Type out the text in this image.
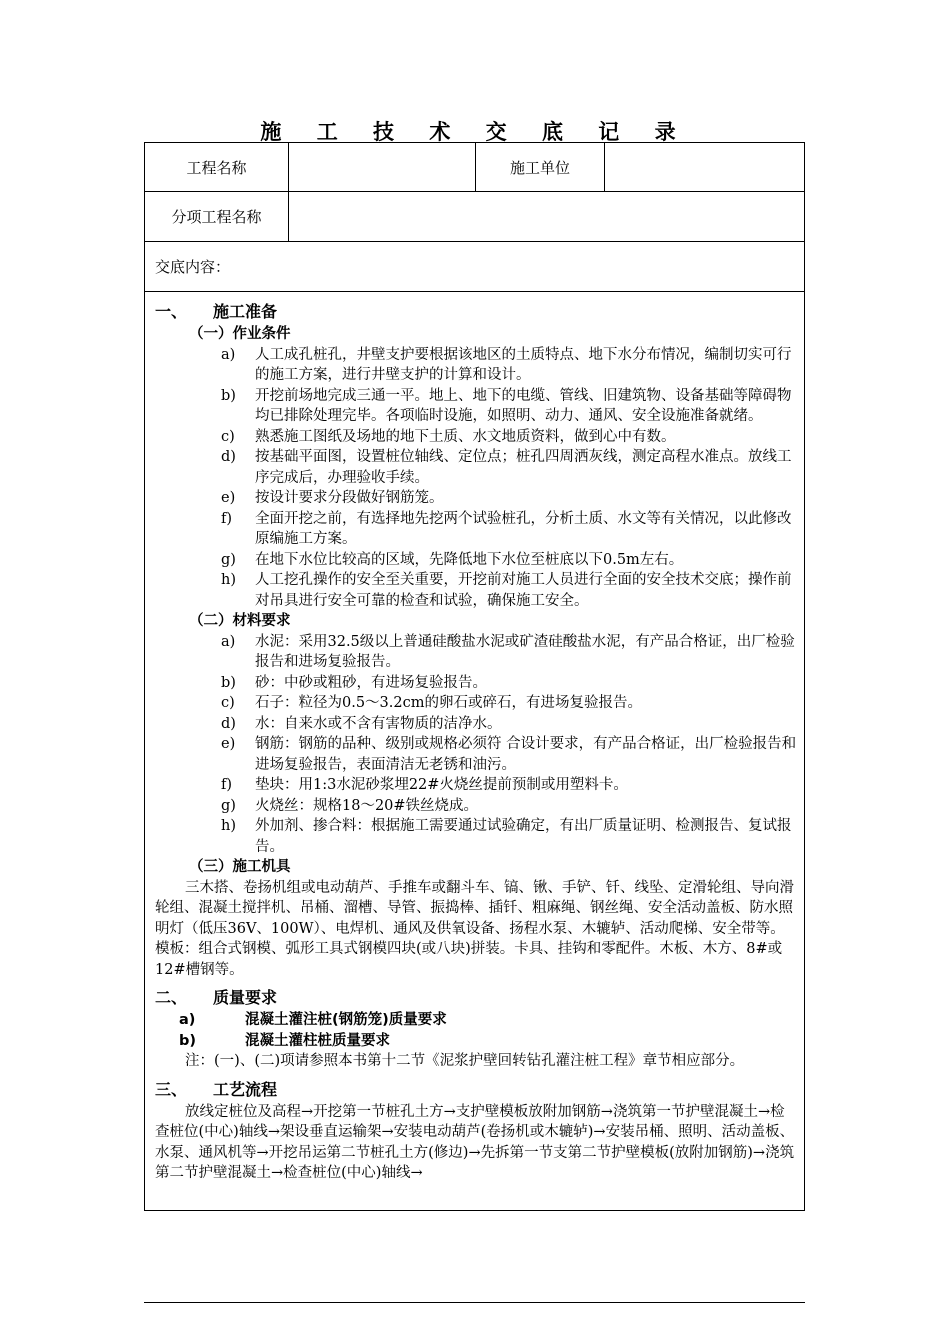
施 工 技 术 交 底 记 录
工程名称		施工单位	
分项工程名称			
交底内容：			
一、 施工准备
（一）作业条件
a) 人工成孔桩孔，井壁支护要根据该地区的土质特点、地下水分布情况，编制切实可行的施工方案，进行井壁支护的计算和设计。
b) 开挖前场地完成三通一平。地上、地下的电缆、管线、旧建筑物、设备基础等障碍物均已排除处理完毕。各项临时设施，如照明、动力、通风、安全设施准备就绪。
c) 熟悉施工图纸及场地的地下土质、水文地质资料，做到心中有数。
d) 按基础平面图，设置桩位轴线、定位点；桩孔四周洒灰线，测定高程水准点。放线工序完成后，办理验收手续。
e) 按设计要求分段做好钢筋笼。
f) 全面开挖之前，有选择地先挖两个试验桩孔，分析土质、水文等有关情况，以此修改原编施工方案。
g) 在地下水位比较高的区域，先降低地下水位至桩底以下0.5m左右。
h) 人工挖孔操作的安全至关重要，开挖前对施工人员进行全面的安全技术交底；操作前对吊具进行安全可靠的检查和试验，确保施工安全。
（二）材料要求
a) 水泥：采用32.5级以上普通硅酸盐水泥或矿渣硅酸盐水泥，有产品合格证，出厂检验报告和进场复验报告。
b) 砂：中砂或粗砂，有进场复验报告。
c) 石子：粒径为0.5～3.2cm的卵石或碎石，有进场复验报告。
d) 水：自来水或不含有害物质的洁净水。
e) 钢筋：钢筋的品种、级别或规格必须符 合设计要求，有产品合格证，出厂检验报告和进场复验报告，表面清洁无老锈和油污。
f) 垫块：用1:3水泥砂浆埋22#火烧丝提前预制或用塑料卡。
g) 火烧丝：规格18～20#铁丝烧成。
h) 外加剂、掺合料：根据施工需要通过试验确定，有出厂质量证明、检测报告、复试报告。
（三）施工机具
三木搭、卷扬机组或电动葫芦、手推车或翻斗车、镐、锹、手铲、钎、线坠、定滑轮组、导向滑轮组、混凝土搅拌机、吊桶、溜槽、导管、振捣棒、插钎、粗麻绳、钢丝绳、安全活动盖板、防水照明灯（低压36V、100W）、电焊机、通风及供氧设备、扬程水泵、木辘轳、活动爬梯、安全带等。模板：组合式钢模、弧形工具式钢模四块(或八块)拼装。卡具、挂钩和零配件。木板、木方、8#或12#槽钢等。
二、 质量要求
a)	混凝土灌注桩(钢筋笼)质量要求
b)	混凝土灌柱桩质量要求
注：(一)、(二)项请参照本书第十二节《泥浆护壁回转钻孔灌注桩工程》章节相应部分。
三、 工艺流程
放线定桩位及高程→开挖第一节桩孔土方→支护壁模板放附加钢筋→浇筑第一节护壁混凝土→检查桩位(中心)轴线→架设垂直运输架→安装电动葫芦(卷扬机或木辘轳)→安装吊桶、照明、活动盖板、水泵、通风机等→开挖吊运第二节桩孔土方(修边)→先拆第一节支第二节护壁模板(放附加钢筋)→浇筑第二节护壁混凝土→检查桩位(中心)轴线→
